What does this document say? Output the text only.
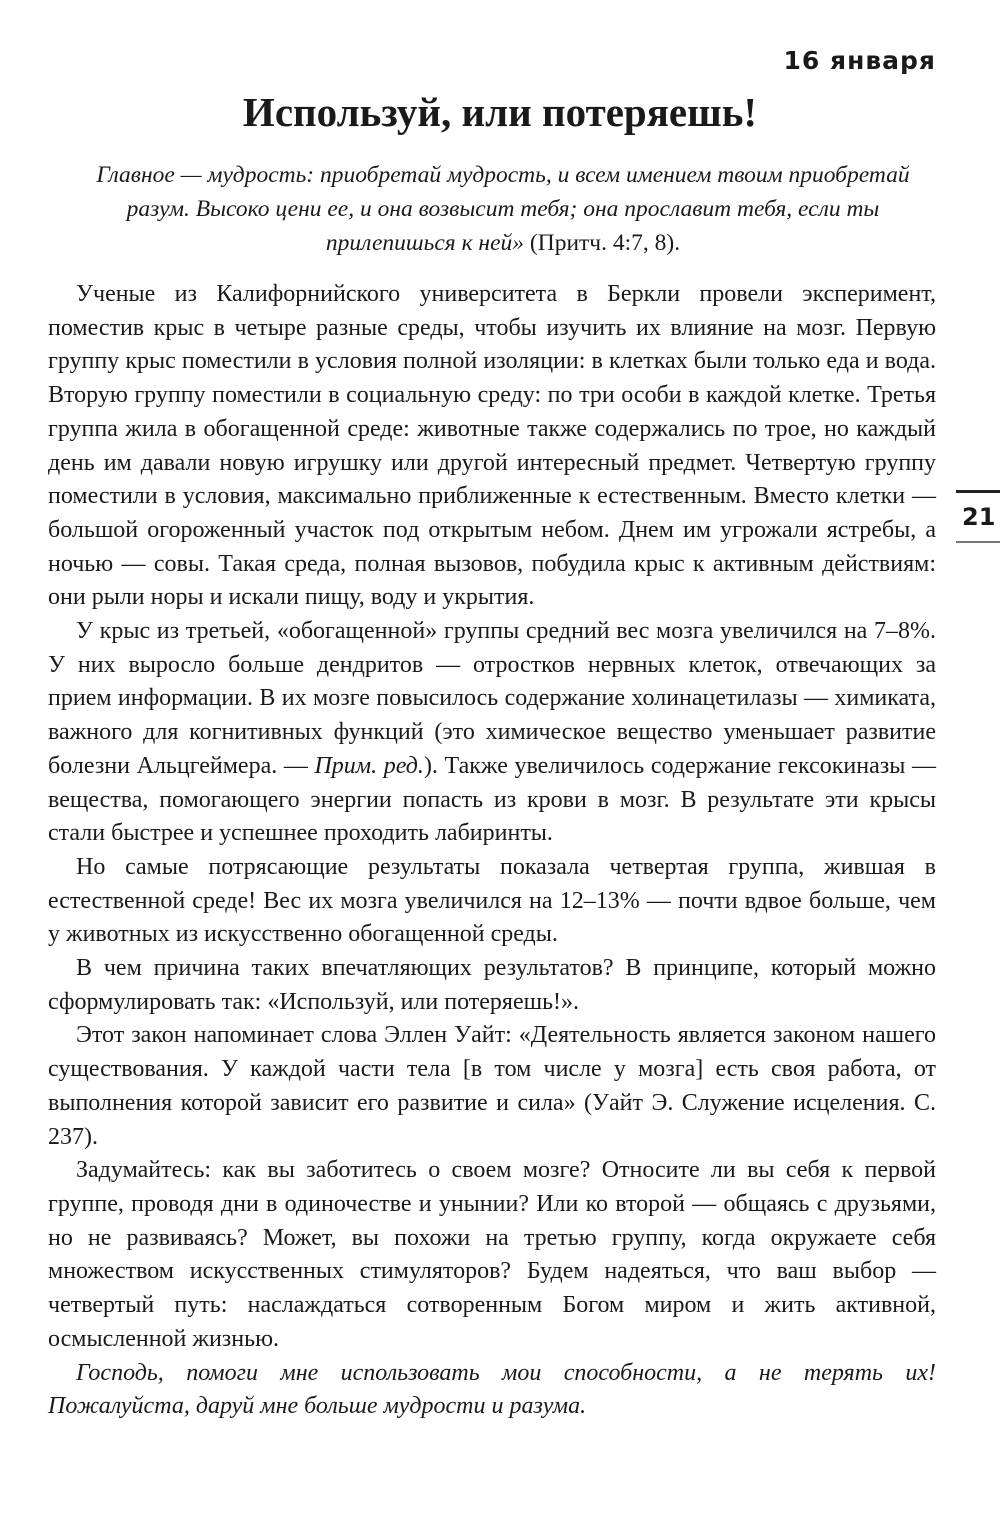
16 января
Используй, или потеряешь!

Главное — мудрость: приобретай мудрость, и всем имением твоим приобретай разум. Высоко цени ее, и она возвысит тебя; она прославит тебя, если ты прилепишься к ней» (Притч. 4:7, 8).

Ученые из Калифорнийского университета в Беркли провели эксперимент, поместив крыс в четыре разные среды, чтобы изучить их влияние на мозг. Первую группу крыс поместили в условия полной изоляции: в клетках были только еда и вода. Вторую группу поместили в социальную среду: по три особи в каждой клетке. Третья группа жила в обогащенной среде: животные также содержались по трое, но каждый день им давали новую игрушку или другой интересный предмет. Четвертую группу поместили в условия, максимально приближенные к естественным. Вместо клетки — большой огороженный участок под открытым небом. Днем им угрожали ястребы, а ночью — совы. Такая среда, полная вызовов, побудила крыс к активным действиям: они рыли норы и искали пищу, воду и укрытия.

У крыс из третьей, «обогащенной» группы средний вес мозга увеличился на 7–8%. У них выросло больше дендритов — отростков нервных клеток, отвечающих за прием информации. В их мозге повысилось содержание холинацетилазы — химиката, важного для когнитивных функций (это химическое вещество уменьшает развитие болезни Альцгеймера. — Прим. ред.). Также увеличилось содержание гексокиназы — вещества, помогающего энергии попасть из крови в мозг. В результате эти крысы стали быстрее и успешнее проходить лабиринты.

Но самые потрясающие результаты показала четвертая группа, жившая в естественной среде! Вес их мозга увеличился на 12–13% — почти вдвое больше, чем у животных из искусственно обогащенной среды.

В чем причина таких впечатляющих результатов? В принципе, который можно сформулировать так: «Используй, или потеряешь!».

Этот закон напоминает слова Эллен Уайт: «Деятельность является законом нашего существования. У каждой части тела [в том числе у мозга] есть своя работа, от выполнения которой зависит его развитие и сила» (Уайт Э. Служение исцеления. С. 237).

Задумайтесь: как вы заботитесь о своем мозге? Относите ли вы себя к первой группе, проводя дни в одиночестве и унынии? Или ко второй — общаясь с друзьями, но не развиваясь? Может, вы похожи на третью группу, когда окружаете себя множеством искусственных стимуляторов? Будем надеяться, что ваш выбор — четвертый путь: наслаждаться сотворенным Богом миром и жить активной, осмысленной жизнью.

Господь, помоги мне использовать мои способности, а не терять их! Пожалуйста, даруй мне больше мудрости и разума.

21
